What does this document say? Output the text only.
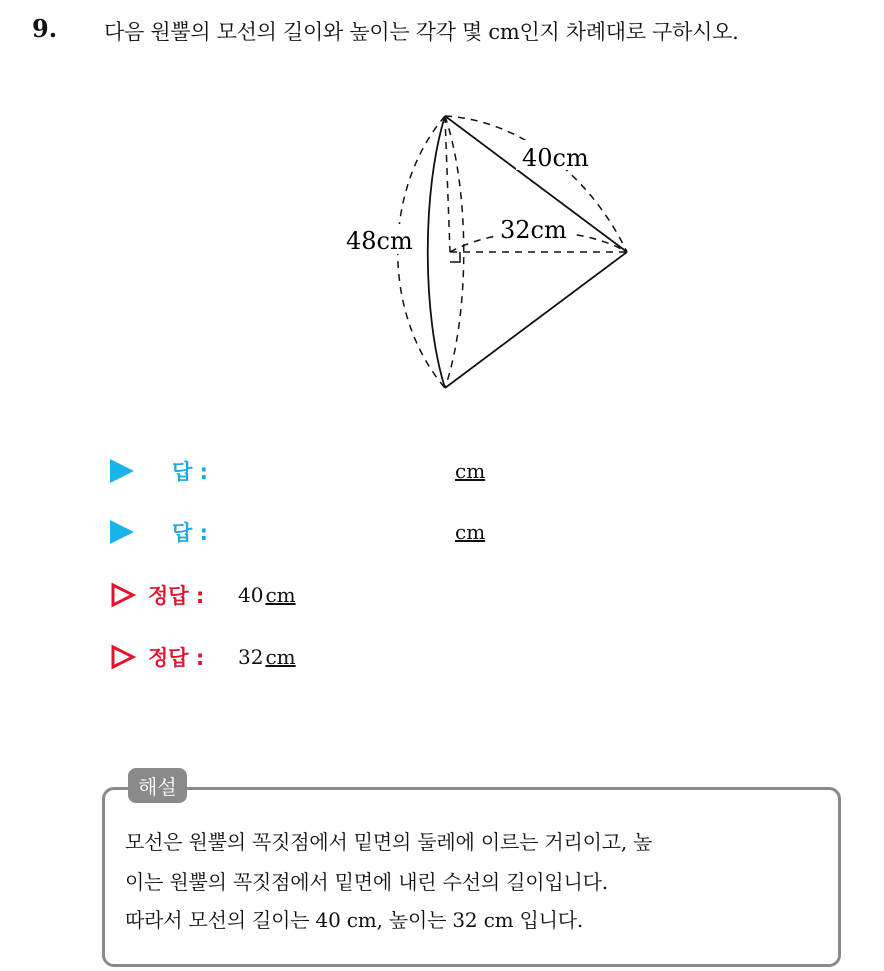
9. 다음 원뿔의 모선의 길이와 높이는 각각 몇 cm인지 차례대로 구하시오.
40cm
32cm
48cm
답 :	cm
답 :	cm
정답 : 40 cm
정답 : 32 cm
해설
모선은 원뿔의 꼭짓점에서 밑면의 둘레에 이르는 거리이고, 높
이는 원뿔의 꼭짓점에서 밑면에 내린 수선의 길이입니다.
따라서 모선의 길이는 40 cm, 높이는 32 cm 입니다.
